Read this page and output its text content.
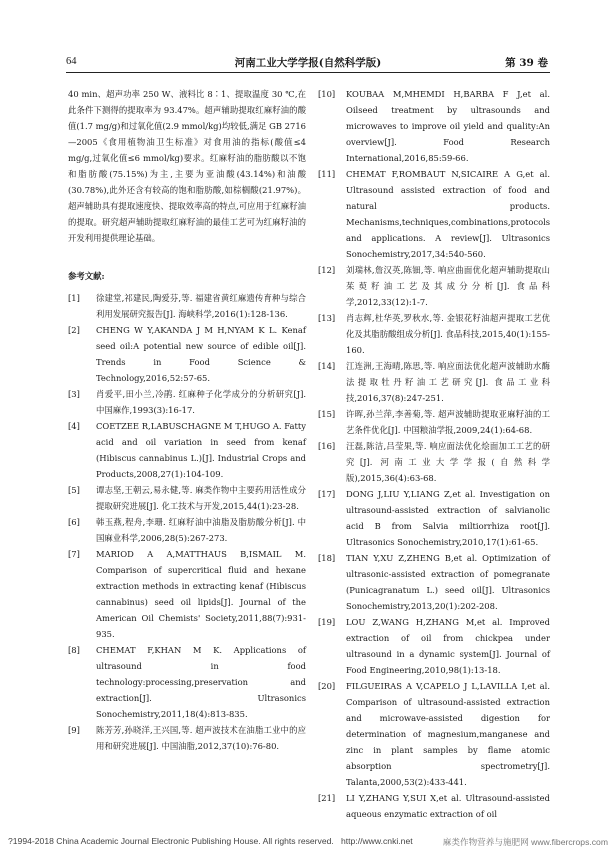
64	河南工业大学学报(自然科学版)	第 39 卷

40 min、超声功率 250 W、液料比 8∶1、提取温度 30 ℃,在此条件下测得的提取率为 93.47%。超声辅助提取红麻籽油的酸值(1.7 mg/g)和过氧化值(2.9 mmol/kg)均较低,满足 GB 2716—2005《食用植物油卫生标准》对食用油的指标(酸值≤4 mg/g,过氧化值≤6 mmol/kg)要求。红麻籽油的脂肪酸以不饱和脂肪酸(75.15%)为主,主要为亚油酸(43.14%)和油酸(30.78%),此外还含有较高的饱和脂肪酸,如棕榈酸(21.97%)。超声辅助具有提取速度快、提取效率高的特点,可应用于红麻籽油的提取。研究超声辅助提取红麻籽油的最佳工艺可为红麻籽油的开发利用提供理论基础。

参考文献:
[1] 徐建堂,祁建民,陶爱芬,等. 福建省黄红麻遗传育种与综合利用发展研究报告[J]. 海峡科学,2016(1):128-136.
[2] CHENG W Y,AKANDA J M H,NYAM K L. Kenaf seed oil:A potential new source of edible oil[J]. Trends in Food Science & Technology,2016,52:57-65.
[3] 肖爱平,田小兰,冷鹃. 红麻种子化学成分的分析研究[J]. 中国麻作,1993(3):16-17.
[4] COETZEE R,LABUSCHAGNE M T,HUGO A. Fatty acid and oil variation in seed from kenaf (Hibiscus cannabinus L.)[J]. Industrial Crops and Products,2008,27(1):104-109.
[5] 谭志坚,王朝云,易永健,等. 麻类作物中主要药用活性成分提取研究进展[J]. 化工技术与开发,2015,44(1):23-28.
[6] 韩玉燕,程舟,李珊. 红麻籽油中油脂及脂肪酸分析[J]. 中国麻业科学,2006,28(5):267-273.
[7] MARIOD A A,MATTHAUS B,ISMAIL M. Comparison of supercritical fluid and hexane extraction methods in extracting kenaf (Hibiscus cannabinus) seed oil lipids[J]. Journal of the American Oil Chemists' Society,2011,88(7):931-935.
[8] CHEMAT F,KHAN M K. Applications of ultrasound in food technology:processing,preservation and extraction[J]. Ultrasonics Sonochemistry,2011,18(4):813-835.
[9] 陈芳芳,孙晓洋,王兴国,等. 超声波技术在油脂工业中的应用和研究进展[J]. 中国油脂,2012,37(10):76-80.
[10] KOUBAA M,MHEMDI H,BARBA F J,et al. Oilseed treatment by ultrasounds and microwaves to improve oil yield and quality:An overview[J]. Food Research International,2016,85:59-66.
[11] CHEMAT F,ROMBAUT N,SICAIRE A G,et al. Ultrasound assisted extraction of food and natural products. Mechanisms,techniques,combinations,protocols and applications. A review[J]. Ultrasonics Sonochemistry,2017,34:540-560.
[12] 刘瑞林,詹汉英,陈钿,等. 响应曲面优化超声辅助提取山茱萸籽油工艺及其成分分析[J]. 食品科学,2012,33(12):1-7.
[13] 肖志辉,杜华英,罗秋水,等. 金银花籽油超声提取工艺优化及其脂肪酸组成分析[J]. 食品科技,2015,40(1):155-160.
[14] 江连洲,王海晴,陈思,等. 响应面法优化超声波辅助水酶法提取牡丹籽油工艺研究[J]. 食品工业科技,2016,37(8):247-251.
[15] 许晖,孙兰萍,李善菊,等. 超声波辅助提取亚麻籽油的工艺条件优化[J]. 中国粮油学报,2009,24(1):64-68.
[16] 汪磊,陈洁,吕莹果,等. 响应面法优化烩面加工工艺的研究[J]. 河南工业大学学报(自然科学版),2015,36(4):63-68.
[17] DONG J,LIU Y,LIANG Z,et al. Investigation on ultrasound-assisted extraction of salvianolic acid B from Salvia miltiorrhiza root[J]. Ultrasonics Sonochemistry,2010,17(1):61-65.
[18] TIAN Y,XU Z,ZHENG B,et al. Optimization of ultrasonic-assisted extraction of pomegranate (Punicagranatum L.) seed oil[J]. Ultrasonics Sonochemistry,2013,20(1):202-208.
[19] LOU Z,WANG H,ZHANG M,et al. Improved extraction of oil from chickpea under ultrasound in a dynamic system[J]. Journal of Food Engineering,2010,98(1):13-18.
[20] FILGUEIRAS A V,CAPELO J L,LAVILLA I,et al. Comparison of ultrasound-assisted extraction and microwave-assisted digestion for determination of magnesium,manganese and zinc in plant samples by flame atomic absorption spectrometry[J]. Talanta,2000,53(2):433-441.
[21] LI Y,ZHANG Y,SUI X,et al. Ultrasound-assisted aqueous enzymatic extraction of oil
?1994-2018 China Academic Journal Electronic Publishing House. All rights reserved. http://www.cnki.net	麻类作物营养与施肥网 www.fibercrops.com
